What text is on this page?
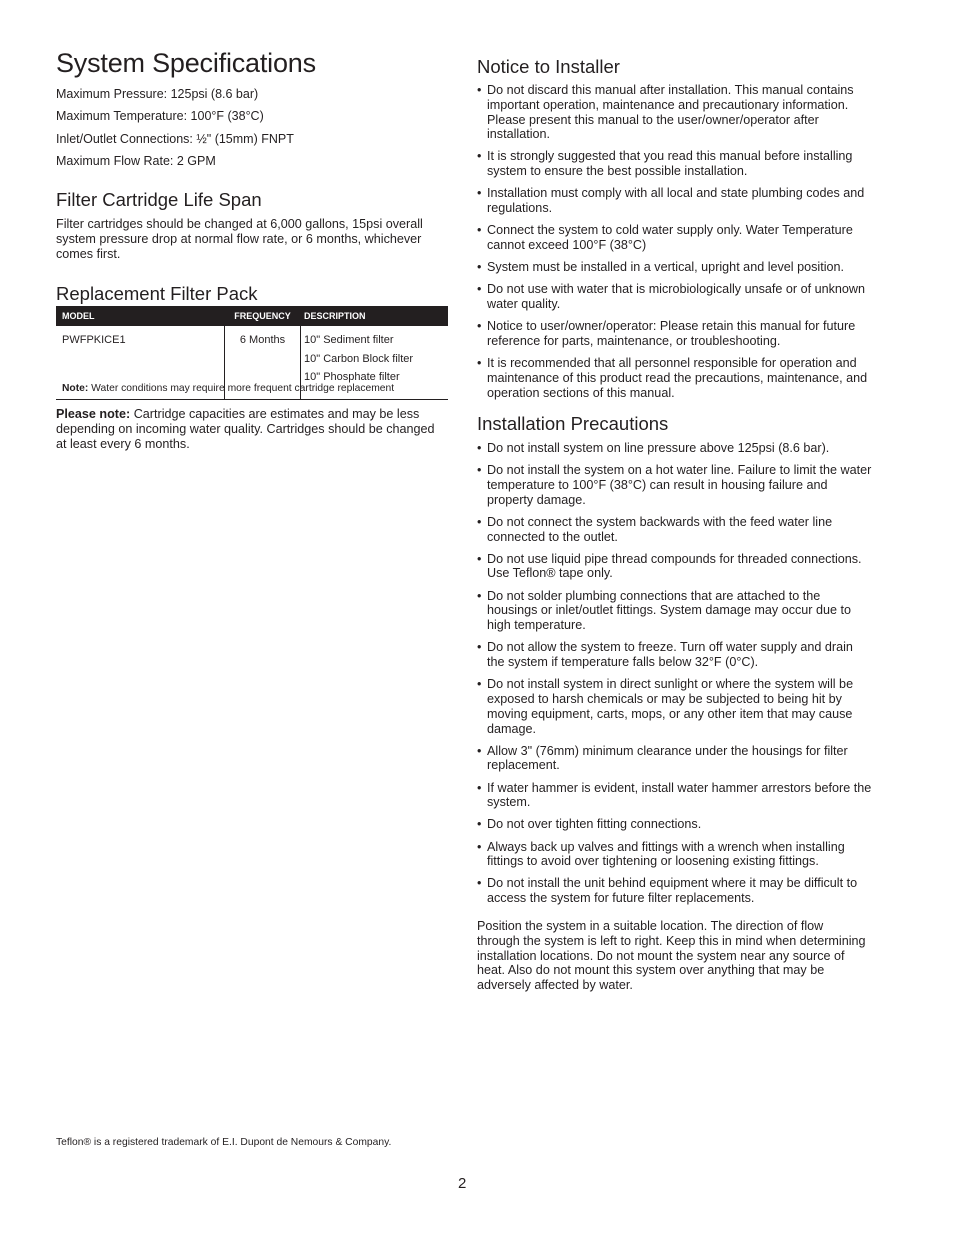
System Specifications
Maximum Pressure: 125psi (8.6 bar)
Maximum Temperature: 100°F (38°C)
Inlet/Outlet Connections: ½" (15mm) FNPT
Maximum Flow Rate: 2 GPM
Filter Cartridge Life Span

Filter cartridges should be changed at 6,000 gallons, 15psi overall system pressure drop at normal flow rate, or 6 months, whichever comes first.

Replacement Filter Pack
MODEL	FREQUENCY	DESCRIPTION
PWFPKICE1	6 Months	10" Sediment filter
10" Carbon Block filter
10" Phosphate filter
Note: Water conditions may require more frequent cartridge replacement

Please note: Cartridge capacities are estimates and may be less depending on incoming water quality. Cartridges should be changed at least every 6 months.

Notice to Installer
• Do not discard this manual after installation. This manual contains important operation, maintenance and precautionary information. Please present this manual to the user/owner/operator after installation.
• It is strongly suggested that you read this manual before installing system to ensure the best possible installation.
• Installation must comply with all local and state plumbing codes and regulations.
• Connect the system to cold water supply only. Water Temperature cannot exceed 100°F (38°C)
• System must be installed in a vertical, upright and level position.
• Do not use with water that is microbiologically unsafe or of unknown water quality.
• Notice to user/owner/operator: Please retain this manual for future reference for parts, maintenance, or troubleshooting.
• It is recommended that all personnel responsible for operation and maintenance of this product read the precautions, maintenance, and operation sections of this manual.
Installation Precautions
• Do not install system on line pressure above 125psi (8.6 bar).
• Do not install the system on a hot water line. Failure to limit the water temperature to 100°F (38°C) can result in housing failure and property damage.
• Do not connect the system backwards with the feed water line connected to the outlet.
• Do not use liquid pipe thread compounds for threaded connections. Use Teflon® tape only.
• Do not solder plumbing connections that are attached to the housings or inlet/outlet fittings. System damage may occur due to high temperature.
• Do not allow the system to freeze. Turn off water supply and drain the system if temperature falls below 32°F (0°C).
• Do not install system in direct sunlight or where the system will be exposed to harsh chemicals or may be subjected to being hit by moving equipment, carts, mops, or any other item that may cause damage.
• Allow 3" (76mm) minimum clearance under the housings for filter replacement.
• If water hammer is evident, install water hammer arrestors before the system.
• Do not over tighten fitting connections.
• Always back up valves and fittings with a wrench when installing fittings to avoid over tightening or loosening existing fittings.
• Do not install the unit behind equipment where it may be difficult to access the system for future filter replacements.

Position the system in a suitable location. The direction of flow through the system is left to right. Keep this in mind when determining installation locations. Do not mount the system near any source of heat. Also do not mount this system over anything that may be adversely affected by water.

Teflon® is a registered trademark of E.I. Dupont de Nemours & Company.
2
